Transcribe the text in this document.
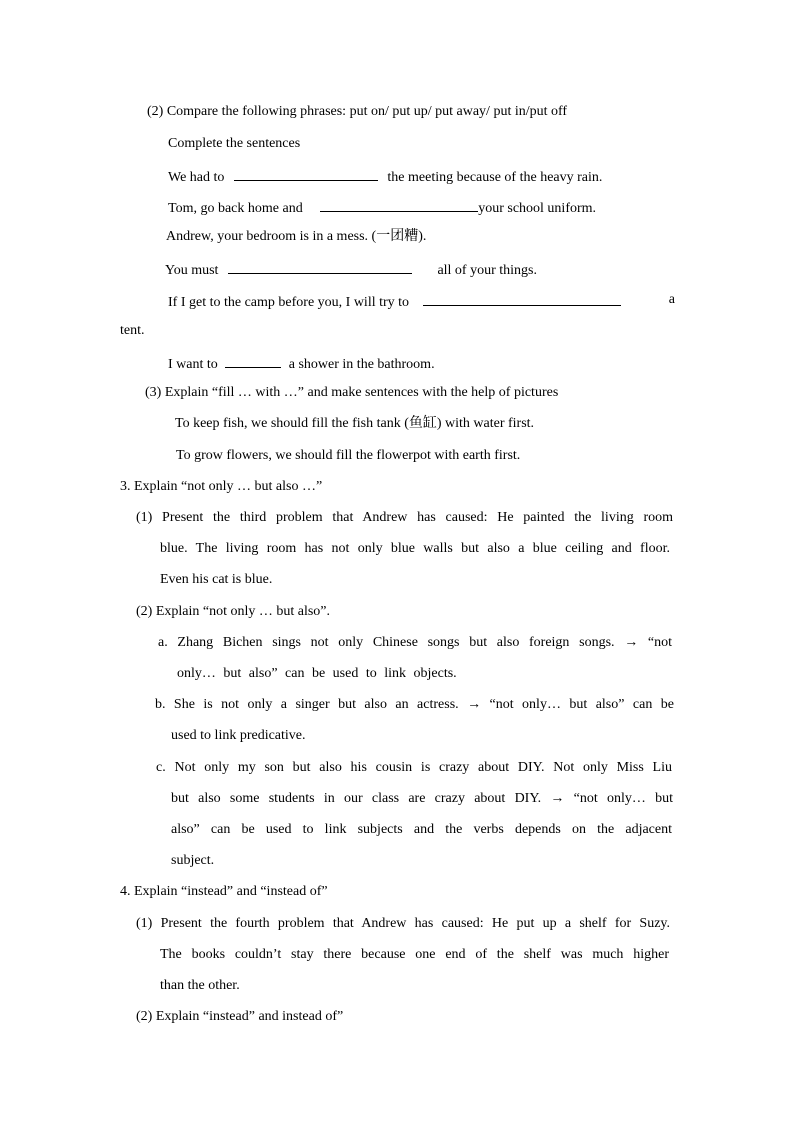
(2) Compare the following phrases: put on/ put up/ put away/ put in/put off
Complete the sentences
We had to	the meeting because of the heavy rain.
Tom, go back home and	your school uniform.
Andrew, your bedroom is in a mess. (一团糟).
You must	all of your things.
If I get to the camp before you, I will try to	a
tent.
I want to	a shower in the bathroom.
(3) Explain “fill … with …” and make sentences with the help of pictures
To keep fish, we should fill the fish tank (鱼缸) with water first.
To grow flowers, we should fill the flowerpot with earth first.
3. Explain “not only … but also …”
(1) Present the third problem that Andrew has caused: He painted the living room
blue. The living room has not only blue walls but also a blue ceiling and floor.
Even his cat is blue.
(2) Explain “not only … but also”.
a. Zhang Bichen sings not only Chinese songs but also foreign songs. → “not
only… but also” can be used to link objects.
b. She is not only a singer but also an actress. → “not only… but also” can be
used to link predicative.
c. Not only my son but also his cousin is crazy about DIY. Not only Miss Liu
but also some students in our class are crazy about DIY. → “not only… but
also” can be used to link subjects and the verbs depends on the adjacent
subject.
4. Explain “instead” and “instead of”
(1) Present the fourth problem that Andrew has caused: He put up a shelf for Suzy.
The books couldn’t stay there because one end of the shelf was much higher
than the other.
(2) Explain “instead” and instead of”
